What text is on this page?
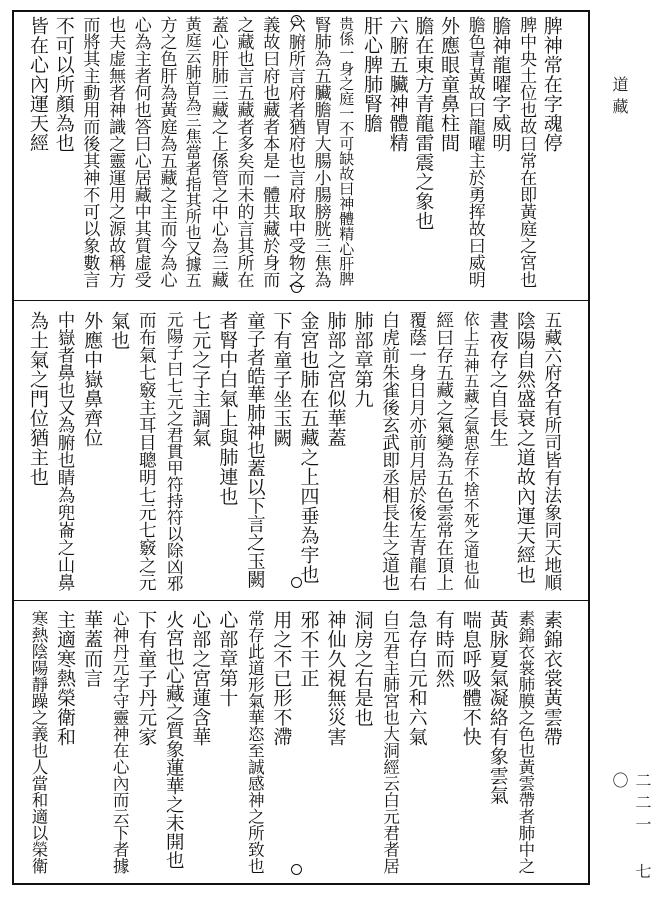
道藏
二二一 七〇
脾神常在字魂停
脾中央土位也故曰常在即黃庭之宮也
膽神龍曜字威明
膽色青黃故曰龍曜主於勇挥故曰威明
外應眼童鼻柱間
膽在東方青龍雷震之象也
六腑五臟神體精
肝心脾肺腎膽
贵係一身之庭一不可缺故曰神體精心肝脾
腎肺為五臟膽胃大腸小腸膀胱三焦為
六腑所言府者猶府也言府取中受物之
義故曰府也藏者本是一體共藏於身而
之藏也言五藏者多矣而未的言其所在
蓋心肝肺三藏之上係管之中心為三藏
黃庭云肺首為三焦當者指其所也又據五
方之色肝為黃庭為五藏之主而今為心
心為主者何也答曰心居藏中其質虚受
也夫虚無者神識之靈運用之源故稱方
而將其主動用而後其神不可以象數言
不可以所顏為也
皆在心內運天經
五藏六府各有所司皆有法象同天地順
陰陽自然盛衰之道故內運天經也
晝夜存之自長生
依上五神五藏之氣思存不捨不死之道也仙
經曰存五藏之氣變為五色雲常在頂上
覆蔭一身日月亦前月居於後左青龍右
白虎前朱雀後玄武即丞相長生之道也
肺部章第九
肺部之宮似華蓋
金宮也肺在五藏之上四垂為宇也
下有童子坐玉闕
童子者皓華肺神也蓋以下言之玉闕
者腎中白氣上與肺連也
七元之子主調氣
元陽子曰七元之君貫甲符持符以除凶邪
而布氣七竅主耳目聰明七元七竅之元
氣也
外應中嶽鼻齊位
中嶽者鼻也又為腑也睛為兜崙之山鼻
為土氣之門位猶主也
素錦衣裳黃雲帶
素錦衣裳肺膜之色也黃雲帶者肺中之
黃脉夏氣凝絡有象雲氣
喘息呼吸體不快
有時而然
急存白元和六氣
白元君主肺宮也大洞經云白元君者居
洞房之右是也
神仙久視無災害
邪不干正
用之不已形不滯
常存此道形氣華恣至誠感神之所致也
心部章第十
心部之宮蓮含華
火宮也心藏之質象蓮華之未開也
下有童子丹元家
心神丹元字守靈神在心內而云下者據
華蓋而言
主適寒熱榮衛和
寒熱陰陽靜躁之義也人當和適以榮衛
